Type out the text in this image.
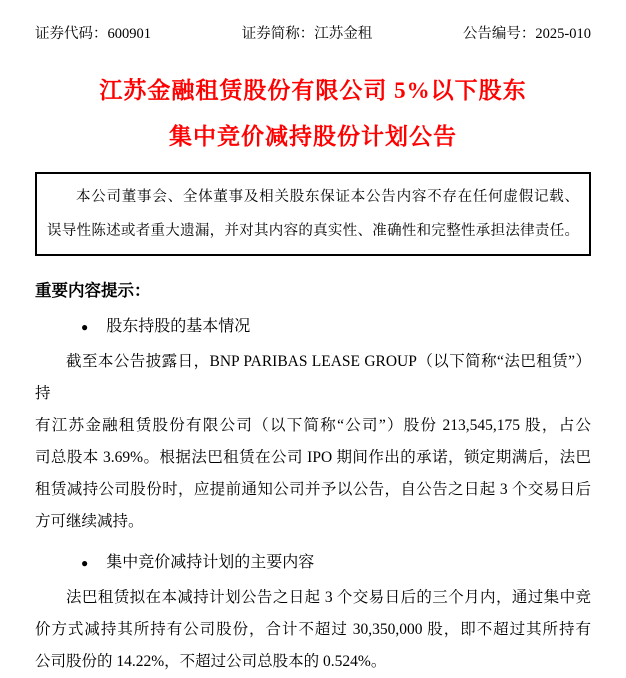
证券代码：600901	证券简称：江苏金租	公告编号：2025-010
江苏金融租赁股份有限公司 5%以下股东
集中竞价减持股份计划公告
本公司董事会、全体董事及相关股东保证本公告内容不存在任何虚假记载、
误导性陈述或者重大遗漏，并对其内容的真实性、准确性和完整性承担法律责任。
重要内容提示：
● 股东持股的基本情况
截至本公告披露日，BNP PARIBAS LEASE GROUP（以下简称“法巴租赁”）持
有江苏金融租赁股份有限公司（以下简称“公司”）股份 213,545,175 股，占公
司总股本 3.69%。根据法巴租赁在公司 IPO 期间作出的承诺，锁定期满后，法巴
租赁减持公司股份时，应提前通知公司并予以公告，自公告之日起 3 个交易日后
方可继续减持。
● 集中竞价减持计划的主要内容
法巴租赁拟在本减持计划公告之日起 3 个交易日后的三个月内，通过集中竞
价方式减持其所持有公司股份，合计不超过 30,350,000 股，即不超过其所持有
公司股份的 14.22%，不超过公司总股本的 0.524%。
